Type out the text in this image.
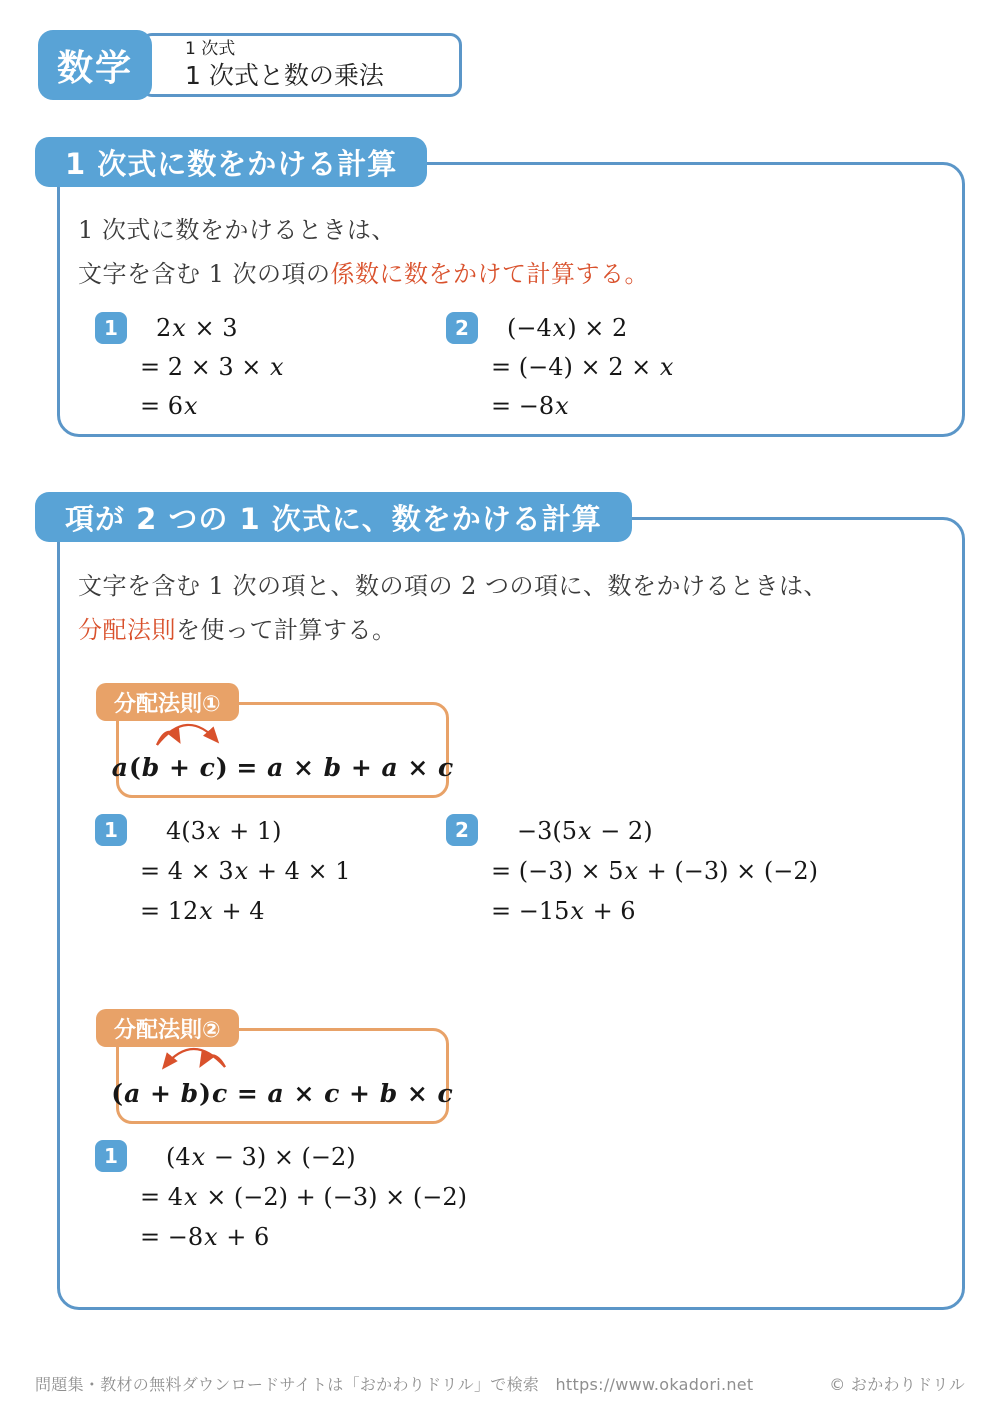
1 次式
1 次式と数の乗法
数学
1 次式に数をかける計算

1 次式に数をかけるときは、
文字を含む 1 次の項の係数に数をかけて計算する。

1	2x × 3
= 2 × 3 × x
= 6x
2	(−4x) × 2
= (−4) × 2 × x
= −8x
項が 2 つの 1 次式に、数をかける計算

文字を含む 1 次の項と、数の項の 2 つの項に、数をかけるときは、
分配法則を使って計算する。

分配法則①
a(b + c) = a × b + a × c
1	4(3x + 1)
= 4 × 3x + 4 × 1
= 12x + 4
2	−3(5x − 2)
= (−3) × 5x + (−3) × (−2)
= −15x + 6
分配法則②
(a + b)c = a × c + b × c
1	(4x − 3) × (−2)
= 4x × (−2) + (−3) × (−2)
= −8x + 6
問題集・教材の無料ダウンロードサイトは「おかわりドリル」で検索　https://www.okadori.net	© おかわりドリル
